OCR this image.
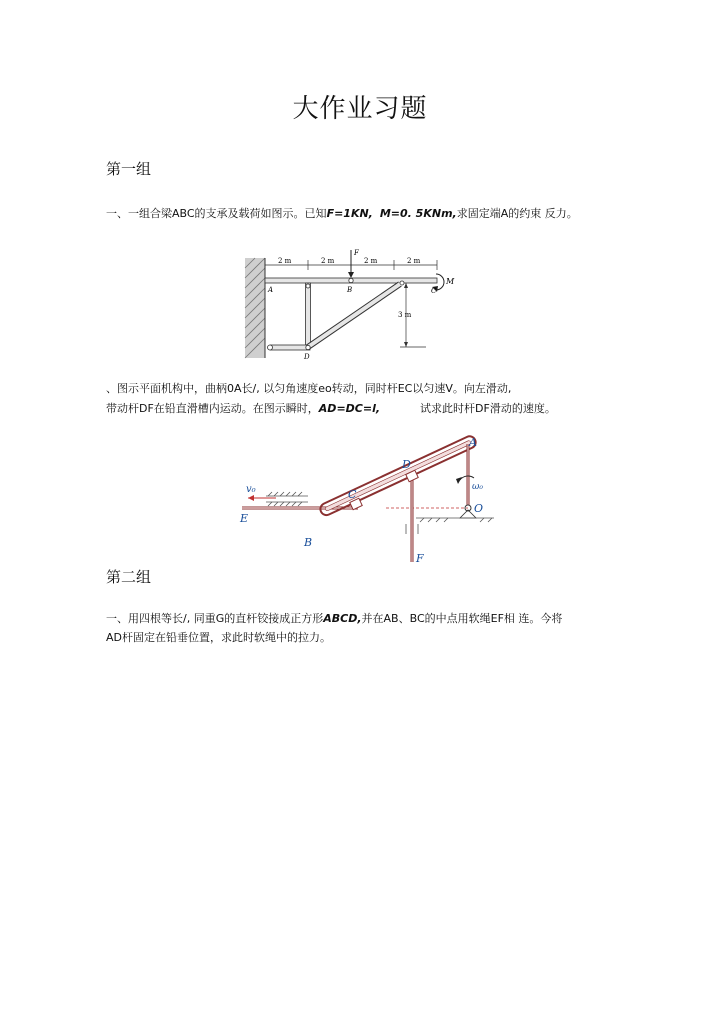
大作业习题
第一组
一、一组合梁ABC的支承及载荷如图示。已知F=1KN, M=0. 5KNm,求固定端A的约束 反力。
2 m	2 m	2 m	2 m
F
M
A	B	C
D
3 m
、图示平面机构中，曲柄0A长/, 以匀角速度eo转动，同时杆EC以匀速V。向左滑动,
带动杆DF在铅直滑槽内运动。在图示瞬时，AD=DC=l,	试求此时杆DF滑动的速度。
v₀
E
ω₀
B
C
D
A
O
F
第二组
一、用四根等长/, 同重G的直杆铰接成正方形ABCD,并在AB、BC的中点用软绳EF相 连。今将
AD杆固定在铅垂位置，求此时软绳中的拉力。
